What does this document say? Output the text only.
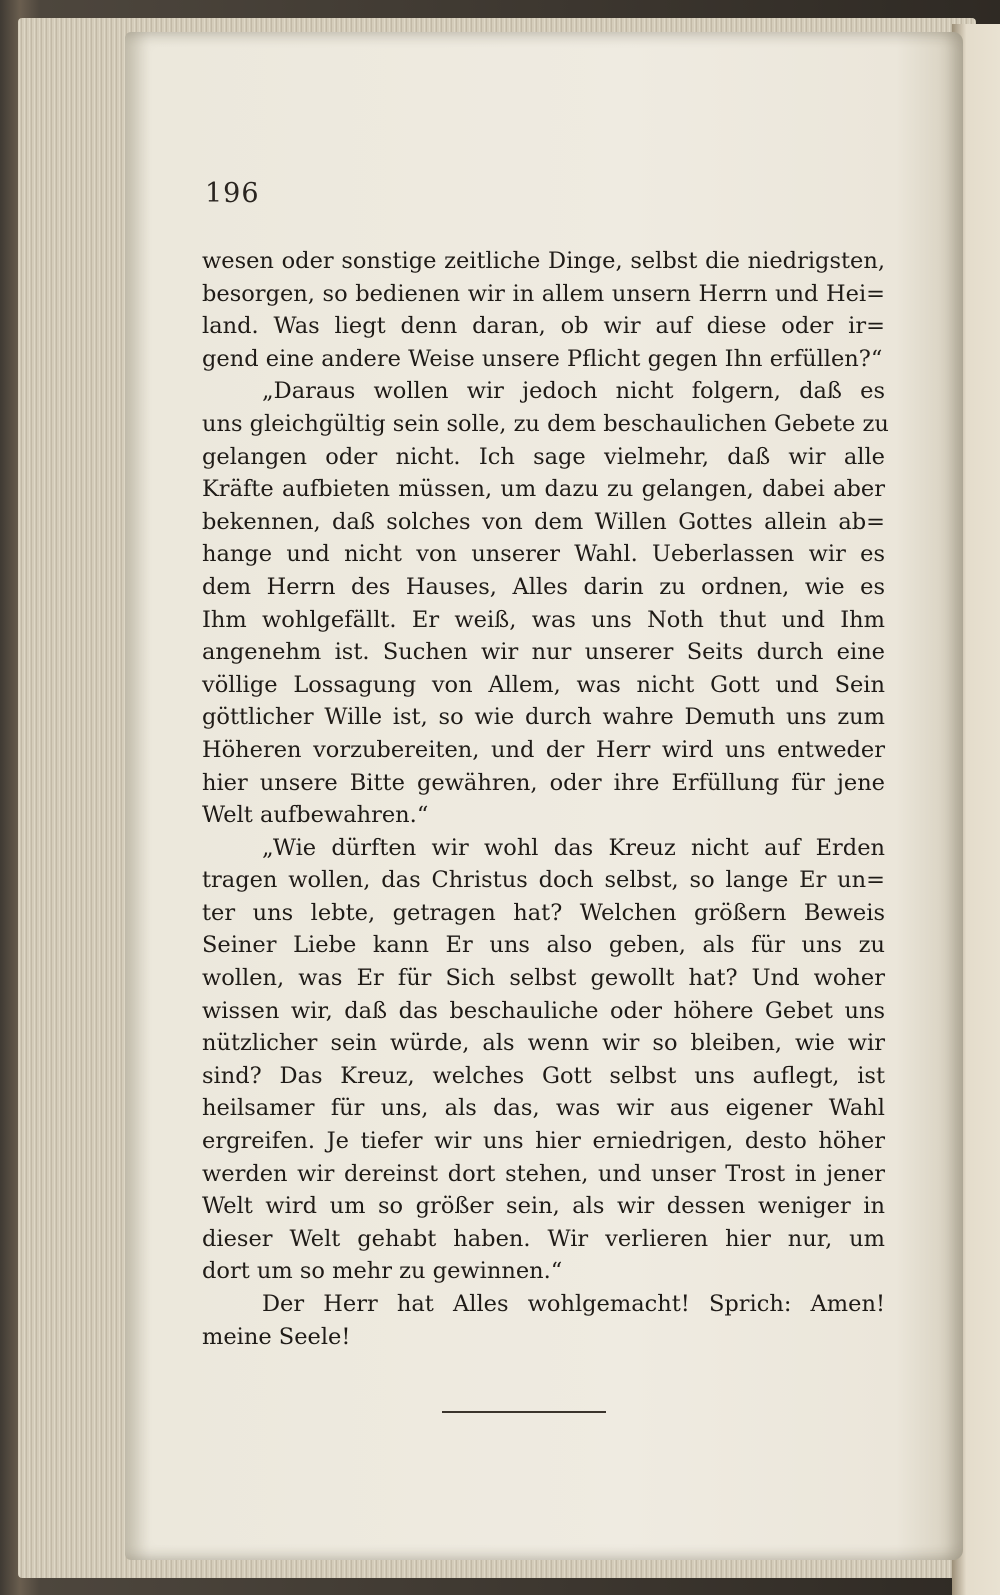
196
wesen oder sonstige zeitliche Dinge, selbst die niedrigsten,
besorgen, so bedienen wir in allem unsern Herrn und Hei=
land. Was liegt denn daran, ob wir auf diese oder ir=
gend eine andere Weise unsere Pflicht gegen Ihn erfüllen?“
„Daraus wollen wir jedoch nicht folgern, daß es
uns gleichgültig sein solle, zu dem beschaulichen Gebete zu
gelangen oder nicht. Ich sage vielmehr, daß wir alle
Kräfte aufbieten müssen, um dazu zu gelangen, dabei aber
bekennen, daß solches von dem Willen Gottes allein ab=
hange und nicht von unserer Wahl. Ueberlassen wir es
dem Herrn des Hauses, Alles darin zu ordnen, wie es
Ihm wohlgefällt. Er weiß, was uns Noth thut und Ihm
angenehm ist. Suchen wir nur unserer Seits durch eine
völlige Lossagung von Allem, was nicht Gott und Sein
göttlicher Wille ist, so wie durch wahre Demuth uns zum
Höheren vorzubereiten, und der Herr wird uns entweder
hier unsere Bitte gewähren, oder ihre Erfüllung für jene
Welt aufbewahren.“
„Wie dürften wir wohl das Kreuz nicht auf Erden
tragen wollen, das Christus doch selbst, so lange Er un=
ter uns lebte, getragen hat? Welchen größern Beweis
Seiner Liebe kann Er uns also geben, als für uns zu
wollen, was Er für Sich selbst gewollt hat? Und woher
wissen wir, daß das beschauliche oder höhere Gebet uns
nützlicher sein würde, als wenn wir so bleiben, wie wir
sind? Das Kreuz, welches Gott selbst uns auflegt, ist
heilsamer für uns, als das, was wir aus eigener Wahl
ergreifen. Je tiefer wir uns hier erniedrigen, desto höher
werden wir dereinst dort stehen, und unser Trost in jener
Welt wird um so größer sein, als wir dessen weniger in
dieser Welt gehabt haben. Wir verlieren hier nur, um
dort um so mehr zu gewinnen.“
Der Herr hat Alles wohlgemacht! Sprich: Amen!
meine Seele!
